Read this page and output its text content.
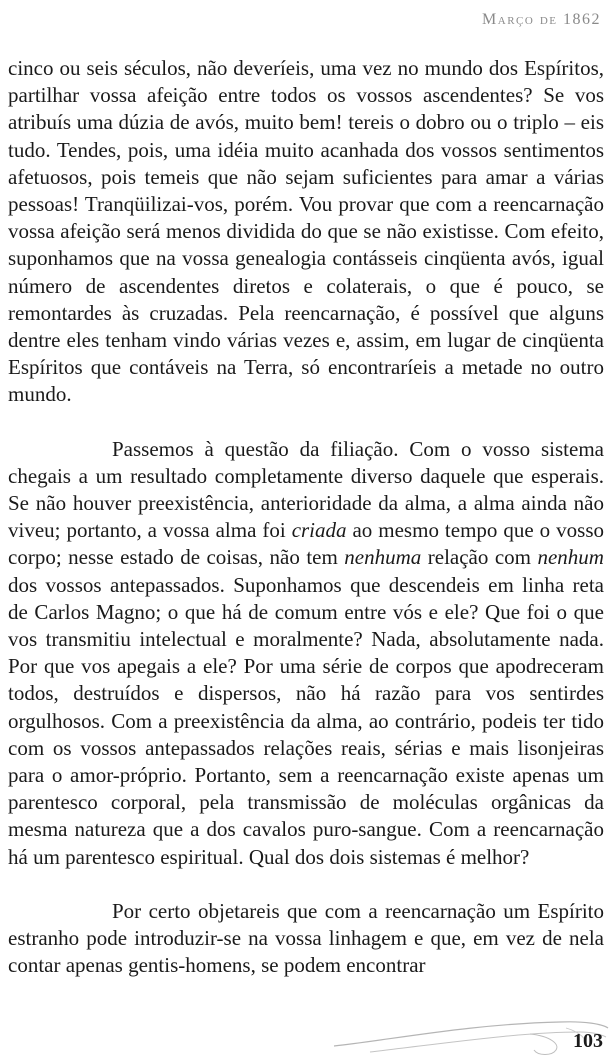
Março de 1862

cinco ou seis séculos, não deveríeis, uma vez no mundo dos Espíritos, partilhar vossa afeição entre todos os vossos ascendentes? Se vos atribuís uma dúzia de avós, muito bem! tereis o dobro ou o triplo – eis tudo. Tendes, pois, uma idéia muito acanhada dos vossos sentimentos afetuosos, pois temeis que não sejam suficientes para amar a várias pessoas! Tranqüilizai-vos, porém. Vou provar que com a reencarnação vossa afeição será menos dividida do que se não existisse. Com efeito, suponhamos que na vossa genealogia contásseis cinqüenta avós, igual número de ascendentes diretos e colaterais, o que é pouco, se remontardes às cruzadas. Pela reencarnação, é possível que alguns dentre eles tenham vindo várias vezes e, assim, em lugar de cinqüenta Espíritos que contáveis na Terra, só encontraríeis a metade no outro mundo.

Passemos à questão da filiação. Com o vosso sistema chegais a um resultado completamente diverso daquele que esperais. Se não houver preexistência, anterioridade da alma, a alma ainda não viveu; portanto, a vossa alma foi criada ao mesmo tempo que o vosso corpo; nesse estado de coisas, não tem nenhuma relação com nenhum dos vossos antepassados. Suponhamos que descendeis em linha reta de Carlos Magno; o que há de comum entre vós e ele? Que foi o que vos transmitiu intelectual e moralmente? Nada, absolutamente nada. Por que vos apegais a ele? Por uma série de corpos que apodreceram todos, destruídos e dispersos, não há razão para vos sentirdes orgulhosos. Com a preexistência da alma, ao contrário, podeis ter tido com os vossos antepassados relações reais, sérias e mais lisonjeiras para o amor-próprio. Portanto, sem a reencarnação existe apenas um parentesco corporal, pela transmissão de moléculas orgânicas da mesma natureza que a dos cavalos puro-sangue. Com a reencarnação há um parentesco espiritual. Qual dos dois sistemas é melhor?

Por certo objetareis que com a reencarnação um Espírito estranho pode introduzir-se na vossa linhagem e que, em vez de nela contar apenas gentis-homens, se podem encontrar

103
